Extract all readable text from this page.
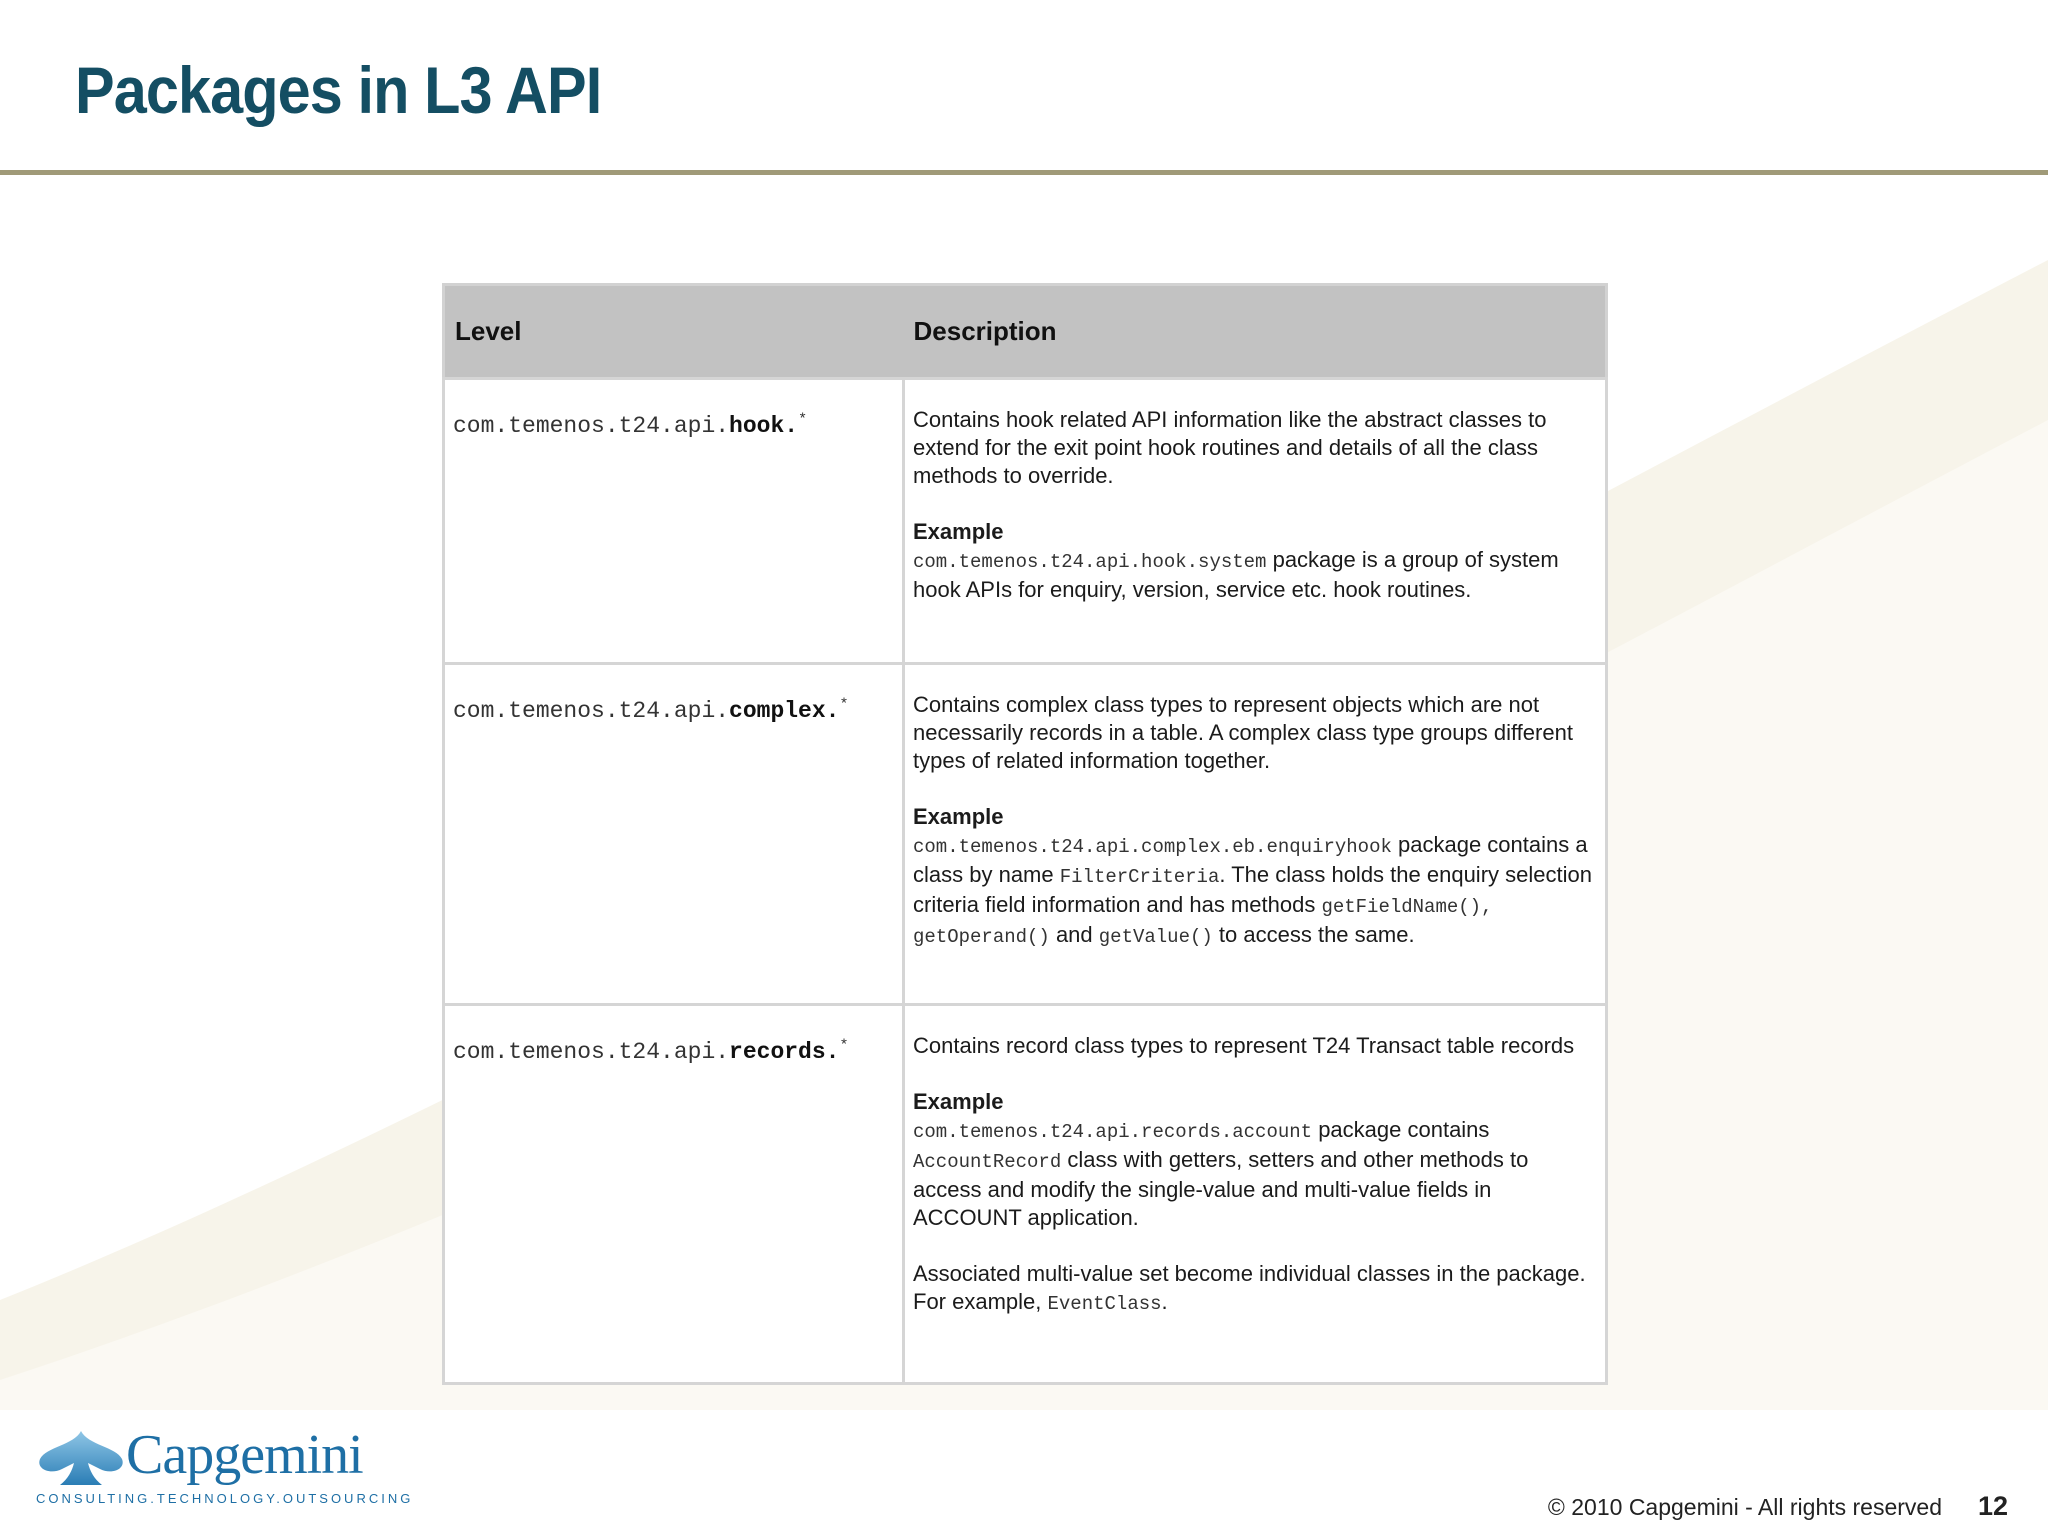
Packages in L3 API
Level	Description
com.temenos.t24.api.hook.*	Contains hook related API information like the abstract classes to extend for the exit point hook routines and details of all the class methods to override.
Example
com.temenos.t24.api.hook.system package is a group of system hook APIs for enquiry, version, service etc. hook routines.
com.temenos.t24.api.complex.*	Contains complex class types to represent objects which are not necessarily records in a table. A complex class type groups different types of related information together.
Example
com.temenos.t24.api.complex.eb.enquiryhook package contains a class by name FilterCriteria. The class holds the enquiry selection criteria field information and has methods getFieldName(), getOperand() and getValue() to access the same.
com.temenos.t24.api.records.*	Contains record class types to represent T24 Transact table records
Example
com.temenos.t24.api.records.account package contains AccountRecord class with getters, setters and other methods to access and modify the single-value and multi-value fields in ACCOUNT application.
Associated multi-value set become individual classes in the package. For example, EventClass.
Capgemini
CONSULTING.TECHNOLOGY.OUTSOURCING	© 2010 Capgemini - All rights reserved 12
